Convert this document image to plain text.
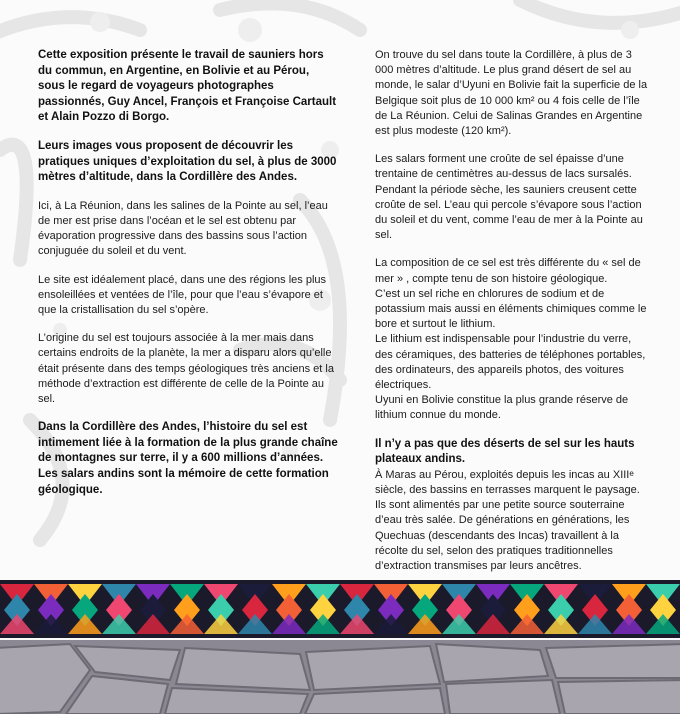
Cette exposition présente le travail de sauniers hors du commun, en Argentine, en Bolivie et au Pérou, sous le regard de voyageurs photographes passionnés, Guy Ancel, François et Françoise Cartault et Alain Pozzo di Borgo.

Leurs images vous proposent de découvrir les pratiques uniques d’exploitation du sel, à plus de 3000 mètres d’altitude, dans la Cordillère des Andes.

Ici, à La Réunion, dans les salines de la Pointe au sel, l’eau de mer est prise dans l’océan et le sel est obtenu par évaporation progressive dans des bassins sous l’action conjuguée du soleil et du vent.

Le site est idéalement placé, dans une des régions les plus ensoleillées et ventées de l’île, pour que l’eau s’évapore et que la cristallisation du sel s’opère.

L’origine du sel est toujours associée à la mer mais dans certains endroits de la planète, la mer a disparu alors qu’elle était présente dans des temps géologiques très anciens et la méthode d’extraction est différente de celle de la Pointe au sel.

Dans la Cordillère des Andes, l’histoire du sel est intimement liée à la formation de la plus grande chaîne de montagnes sur terre, il y a 600 millions d’années. Les salars andins sont la mémoire de cette formation géologique.

On trouve du sel dans toute la Cordillère, à plus de 3 000 mètres d’altitude. Le plus grand désert de sel au monde, le salar d’Uyuni en Bolivie fait la superficie de la Belgique soit plus de 10 000 km² ou 4 fois celle de l’île de La Réunion. Celui de Salinas Grandes en Argentine est plus modeste (120 km²).

Les salars forment une croûte de sel épaisse d’une trentaine de centimètres au-dessus de lacs sursalés. Pendant la période sèche, les sauniers creusent cette croûte de sel. L’eau qui percole s’évapore sous l’action du soleil et du vent, comme l’eau de mer à la Pointe au sel.

La composition de ce sel est très différente du « sel de mer » , compte tenu de son histoire géologique.

C’est un sel riche en chlorures de sodium et de potassium mais aussi en éléments chimiques comme le bore et surtout le lithium.

Le lithium est indispensable pour l’industrie du verre, des céramiques, des batteries de téléphones portables, des ordinateurs, des appareils photos, des voitures électriques.

Uyuni en Bolivie constitue la plus grande réserve de lithium connue du monde.

Il n’y a pas que des déserts de sel sur les hauts plateaux andins.

À Maras au Pérou, exploités depuis les incas au XIIIe siècle, des bassins en terrasses marquent le paysage. Ils sont alimentés par une petite source souterraine d’eau très salée. De générations en générations, les Quechuas (descendants des Incas) travaillent à la récolte du sel, selon des pratiques traditionnelles d’extraction transmises par leurs ancêtres.
